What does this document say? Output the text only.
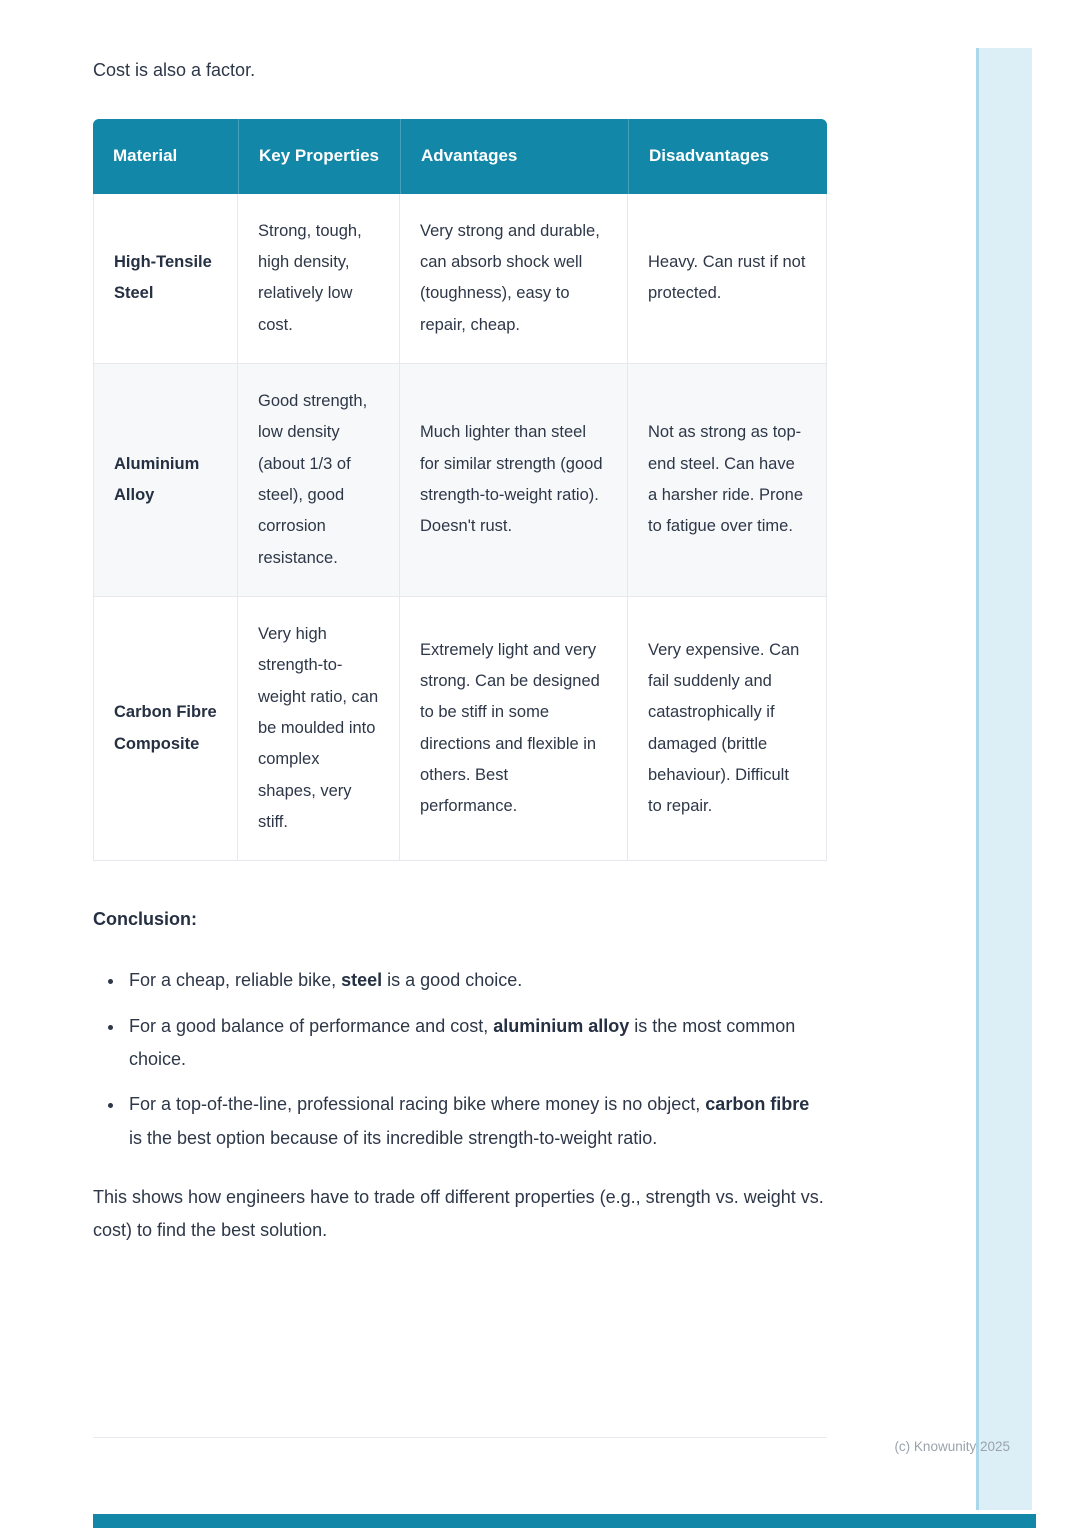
Cost is also a factor.

Material	Key Properties	Advantages	Disadvantages
High-Tensile Steel	Strong, tough, high density, relatively low cost.	Very strong and durable, can absorb shock well (toughness), easy to repair, cheap.	Heavy. Can rust if not protected.
Aluminium Alloy	Good strength, low density (about 1/3 of steel), good corrosion resistance.	Much lighter than steel for similar strength (good strength-to-weight ratio). Doesn't rust.	Not as strong as top-end steel. Can have a harsher ride. Prone to fatigue over time.
Carbon Fibre Composite	Very high strength-to-weight ratio, can be moulded into complex shapes, very stiff.	Extremely light and very strong. Can be designed to be stiff in some directions and flexible in others. Best performance.	Very expensive. Can fail suddenly and catastrophically if damaged (brittle behaviour). Difficult to repair.
Conclusion:
• For a cheap, reliable bike, steel is a good choice.
• For a good balance of performance and cost, aluminium alloy is the most common choice.
• For a top-of-the-line, professional racing bike where money is no object, carbon fibre is the best option because of its incredible strength-to-weight ratio.

This shows how engineers have to trade off different properties (e.g., strength vs. weight vs. cost) to find the best solution.

(c) Knowunity 2025
